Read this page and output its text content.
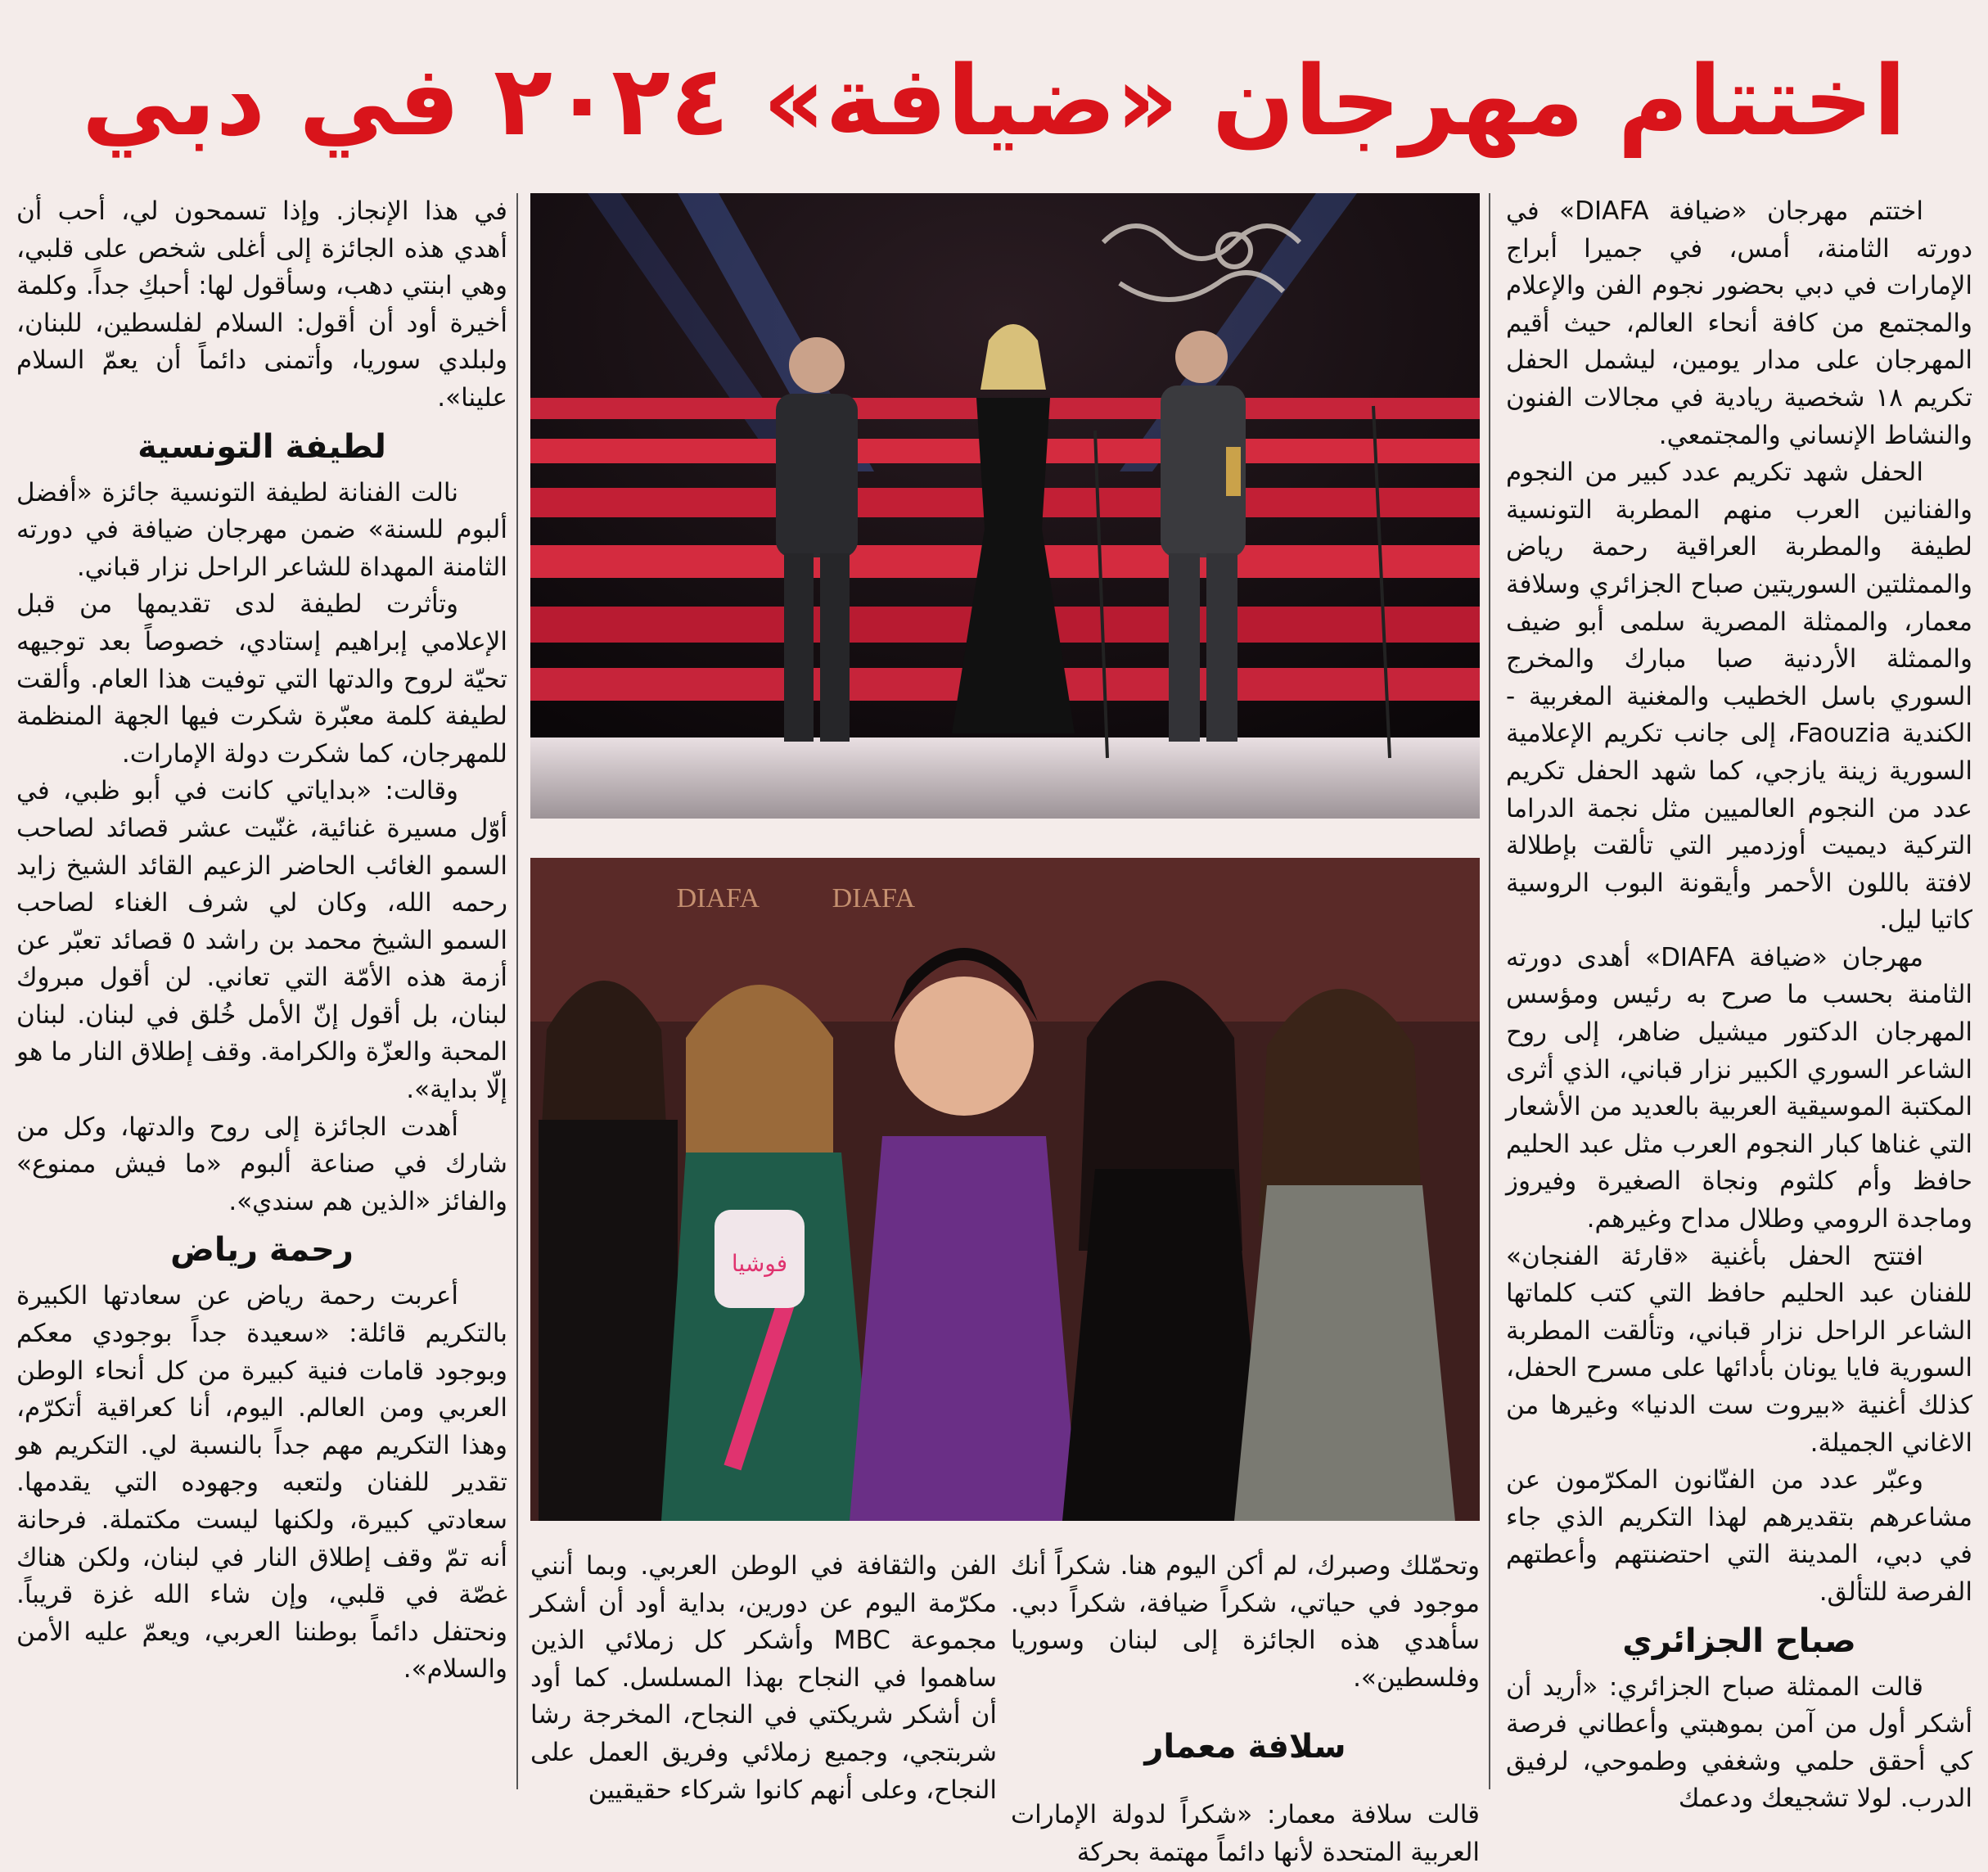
اختتام مهرجان «ضيافة» ٢٠٢٤ في دبي

اختتم مهرجان «ضيافة DIAFA» في دورته الثامنة، أمس، في جميرا أبراج الإمارات في دبي بحضور نجوم الفن والإعلام والمجتمع من كافة أنحاء العالم، حيث أقيم المهرجان على مدار يومين، ليشمل الحفل تكريم ١٨ شخصية ريادية في مجالات الفنون والنشاط الإنساني والمجتمعي.

الحفل شهد تكريم عدد كبير من النجوم والفنانين العرب منهم المطربة التونسية لطيفة والمطربة العراقية رحمة رياض والممثلتين السوريتين صباح الجزائري وسلافة معمار، والممثلة المصرية سلمى أبو ضيف والممثلة الأردنية صبا مبارك والمخرج السوري باسل الخطيب والمغنية المغربية - الكندية Faouzia، إلى جانب تكريم الإعلامية السورية زينة يازجي، كما شهد الحفل تكريم عدد من النجوم العالميين مثل نجمة الدراما التركية ديميت أوزدمير التي تألقت بإطلالة لافتة باللون الأحمر وأيقونة البوب الروسية كاتيا ليل.

مهرجان «ضيافة DIAFA» أهدى دورته الثامنة بحسب ما صرح به رئيس ومؤسس المهرجان الدكتور ميشيل ضاهر، إلى روح الشاعر السوري الكبير نزار قباني، الذي أثرى المكتبة الموسيقية العربية بالعديد من الأشعار التي غناها كبار النجوم العرب مثل عبد الحليم حافظ وأم كلثوم ونجاة الصغيرة وفيروز وماجدة الرومي وطلال مداح وغيرهم.

افتتح الحفل بأغنية «قارئة الفنجان» للفنان عبد الحليم حافظ التي كتب كلماتها الشاعر الراحل نزار قباني، وتألقت المطربة السورية فايا يونان بأدائها على مسرح الحفل، كذلك أغنية «بيروت ست الدنيا» وغيرها من الاغاني الجميلة.

وعبّر عدد من الفنّانون المكرّمون عن مشاعرهم بتقديرهم لهذا التكريم الذي جاء في دبي، المدينة التي احتضنتهم وأعطتهم الفرصة للتألق.

صباح الجزائري

قالت الممثلة صباح الجزائري: «أريد أن أشكر أول من آمن بموهبتي وأعطاني فرصة كي أحقق حلمي وشغفي وطموحي، لرفيق الدرب. لولا تشجيعك ودعمك

DIAFA
DIAFA
فوشيا

وتحمّلك وصبرك، لم أكن اليوم هنا. شكراً أنك موجود في حياتي، شكراً ضيافة، شكراً دبي. سأهدي هذه الجائزة إلى لبنان وسوريا وفلسطين».

سلافة معمار

قالت سلافة معمار: «شكراً لدولة الإمارات العربية المتحدة لأنها دائماً مهتمة بحركة

الفن والثقافة في الوطن العربي. وبما أنني مكرّمة اليوم عن دورين، بداية أود أن أشكر مجموعة MBC وأشكر كل زملائي الذين ساهموا في النجاح بهذا المسلسل. كما أود أن أشكر شريكتي في النجاح، المخرجة رشا شربتجي، وجميع زملائي وفريق العمل على النجاح، وعلى أنهم كانوا شركاء حقيقيين

في هذا الإنجاز. وإذا تسمحون لي، أحب أن أهدي هذه الجائزة إلى أغلى شخص على قلبي، وهي ابنتي دهب، وسأقول لها: أحبكِ جداً. وكلمة أخيرة أود أن أقول: السلام لفلسطين، للبنان، ولبلدي سوريا، وأتمنى دائماً أن يعمّ السلام علينا».

لطيفة التونسية

نالت الفنانة لطيفة التونسية جائزة «أفضل ألبوم للسنة» ضمن مهرجان ضيافة في دورته الثامنة المهداة للشاعر الراحل نزار قباني.

وتأثرت لطيفة لدى تقديمها من قبل الإعلامي إبراهيم إستادي، خصوصاً بعد توجيهه تحيّة لروح والدتها التي توفيت هذا العام. وألقت لطيفة كلمة معبّرة شكرت فيها الجهة المنظمة للمهرجان، كما شكرت دولة الإمارات.

وقالت: «بداياتي كانت في أبو ظبي، في أوّل مسيرة غنائية، غنّيت عشر قصائد لصاحب السمو الغائب الحاضر الزعيم القائد الشيخ زايد رحمه الله، وكان لي شرف الغناء لصاحب السمو الشيخ محمد بن راشد ٥ قصائد تعبّر عن أزمة هذه الأمّة التي تعاني. لن أقول مبروك لبنان، بل أقول إنّ الأمل خُلق في لبنان. لبنان المحبة والعزّة والكرامة. وقف إطلاق النار ما هو إلّا بداية».

أهدت الجائزة إلى روح والدتها، وكل من شارك في صناعة ألبوم «ما فيش ممنوع» والفائز «الذين هم سندي».

رحمة رياض

أعربت رحمة رياض عن سعادتها الكبيرة بالتكريم قائلة: «سعيدة جداً بوجودي معكم وبوجود قامات فنية كبيرة من كل أنحاء الوطن العربي ومن العالم. اليوم، أنا كعراقية أتكرّم، وهذا التكريم مهم جداً بالنسبة لي. التكريم هو تقدير للفنان ولتعبه وجهوده التي يقدمها. سعادتي كبيرة، ولكنها ليست مكتملة. فرحانة أنه تمّ وقف إطلاق النار في لبنان، ولكن هناك غصّة في قلبي، وإن شاء الله غزة قريباً. ونحتفل دائماً بوطننا العربي، ويعمّ عليه الأمن والسلام».
